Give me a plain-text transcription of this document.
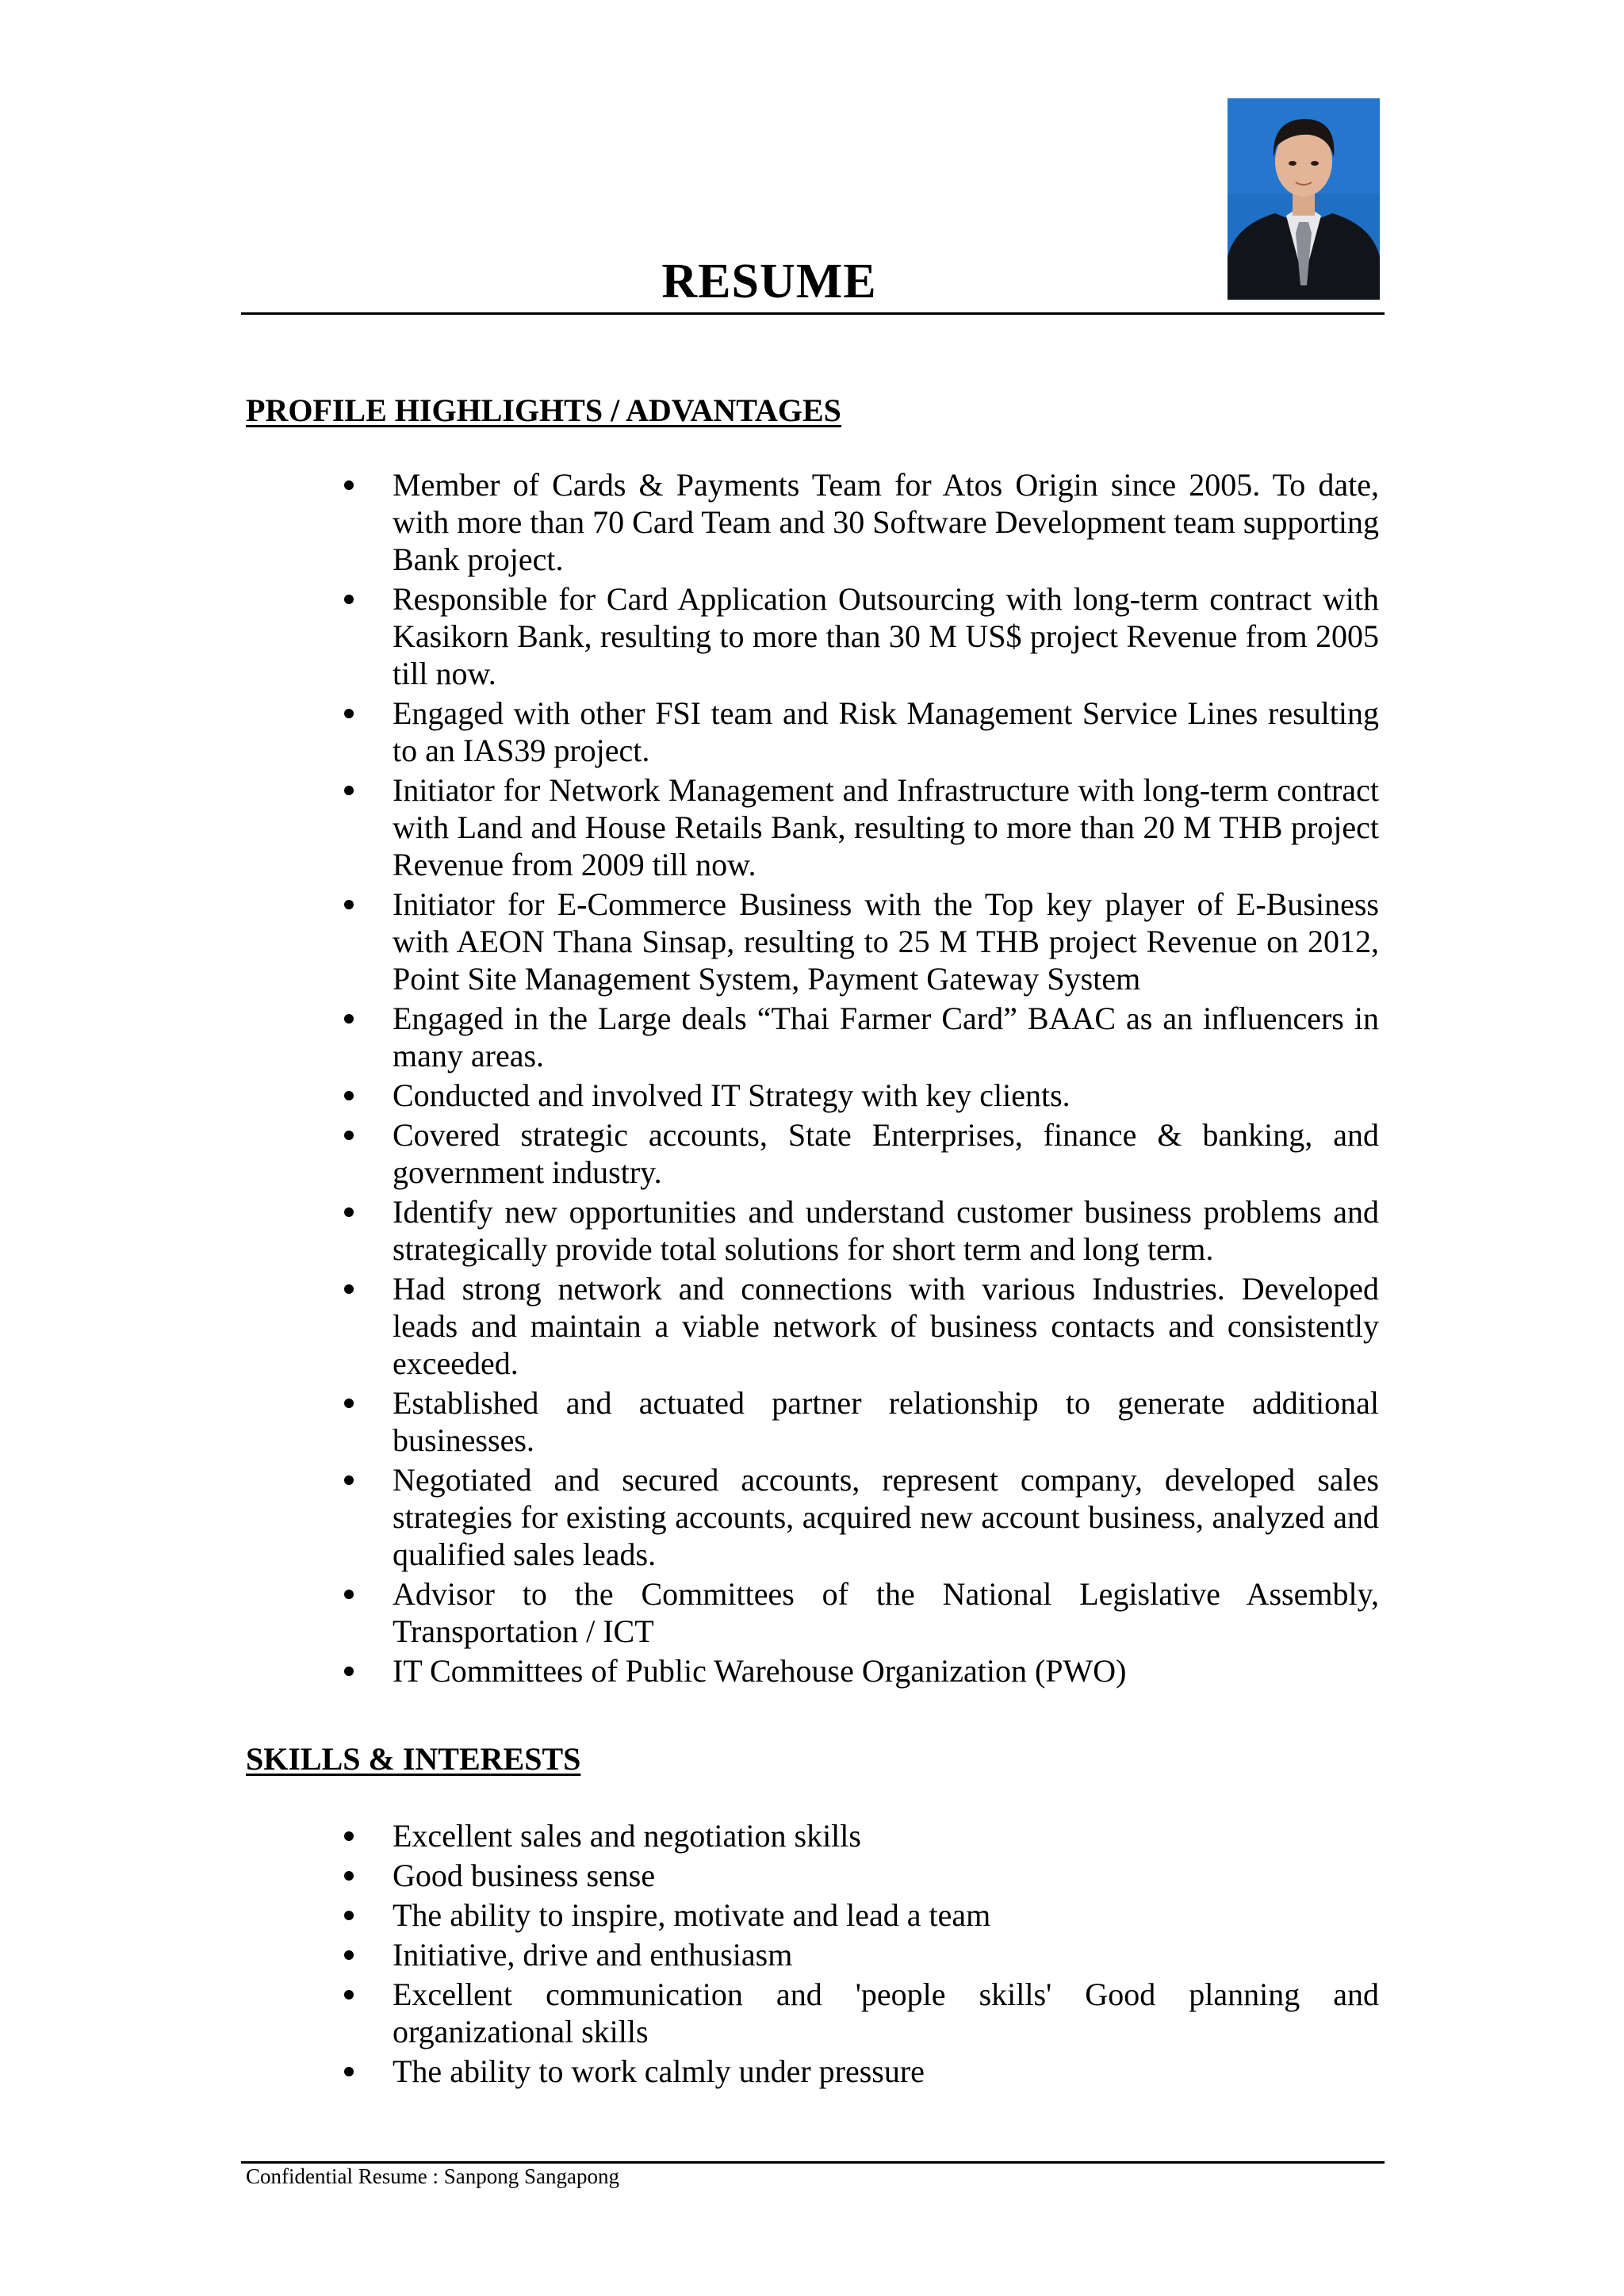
RESUME
PROFILE HIGHLIGHTS / ADVANTAGES
Member of Cards & Payments Team for Atos Origin since 2005. To date, with more than 70 Card Team and 30 Software Development team supporting Bank project.
Responsible for Card Application Outsourcing with long-term contract with Kasikorn Bank, resulting to more than 30 M US$ project Revenue from 2005 till now.
Engaged with other FSI team and Risk Management Service Lines resulting to an IAS39 project.
Initiator for Network Management and Infrastructure with long-term contract with Land and House Retails Bank, resulting to more than 20 M THB project Revenue from 2009 till now.
Initiator for E-Commerce Business with the Top key player of E-Business with AEON Thana Sinsap, resulting to 25 M THB project Revenue on 2012, Point Site Management System, Payment Gateway System
Engaged in the Large deals “Thai Farmer Card” BAAC as an influencers in many areas.
Conducted and involved IT Strategy with key clients.
Covered strategic accounts, State Enterprises, finance & banking, and government industry.
Identify new opportunities and understand customer business problems and strategically provide total solutions for short term and long term.
Had strong network and connections with various Industries. Developed leads and maintain a viable network of business contacts and consistently exceeded.
Established and actuated partner relationship to generate additional businesses.
Negotiated and secured accounts, represent company, developed sales strategies for existing accounts, acquired new account business, analyzed and qualified sales leads.
Advisor to the Committees of the National Legislative Assembly, Transportation / ICT
IT Committees of Public Warehouse Organization (PWO)
SKILLS & INTERESTS
Excellent sales and negotiation skills
Good business sense
The ability to inspire, motivate and lead a team
Initiative, drive and enthusiasm
Excellent communication and 'people skills' Good planning and organizational skills
The ability to work calmly under pressure
Confidential Resume : Sanpong Sangapong
